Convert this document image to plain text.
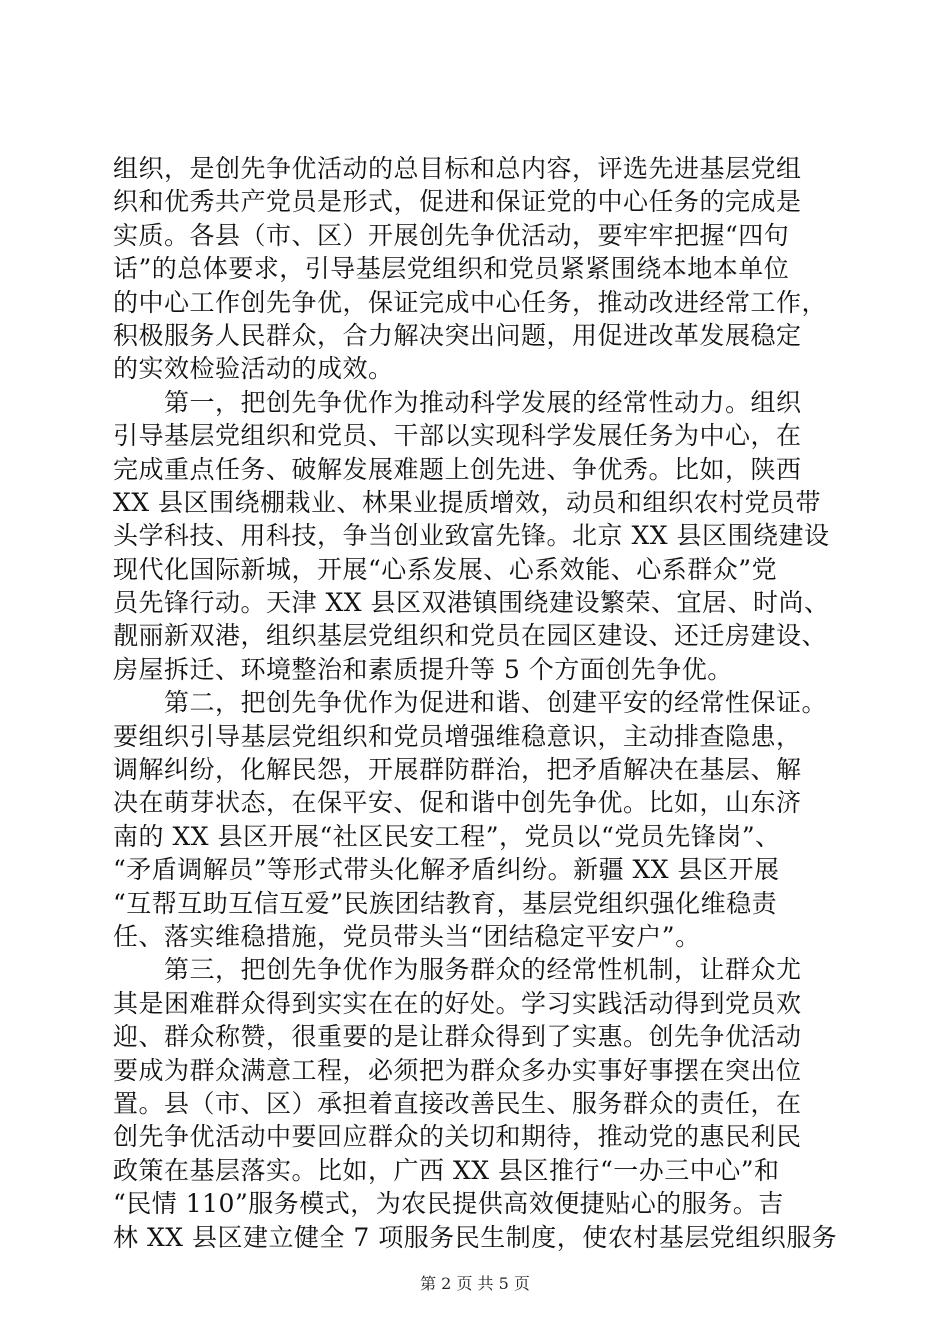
组织，是创先争优活动的总目标和总内容，评选先进基层党组
织和优秀共产党员是形式，促进和保证党的中心任务的完成是
实质。各县（市、区）开展创先争优活动，要牢牢把握“四句
话”的总体要求，引导基层党组织和党员紧紧围绕本地本单位
的中心工作创先争优，保证完成中心任务，推动改进经常工作，
积极服务人民群众，合力解决突出问题，用促进改革发展稳定
的实效检验活动的成效。
　　第一，把创先争优作为推动科学发展的经常性动力。组织
引导基层党组织和党员、干部以实现科学发展任务为中心，在
完成重点任务、破解发展难题上创先进、争优秀。比如，陕西
XX 县区围绕棚栽业、林果业提质增效，动员和组织农村党员带
头学科技、用科技，争当创业致富先锋。北京 XX 县区围绕建设
现代化国际新城，开展“心系发展、心系效能、心系群众”党
员先锋行动。天津 XX 县区双港镇围绕建设繁荣、宜居、时尚、
靓丽新双港，组织基层党组织和党员在园区建设、还迁房建设、
房屋拆迁、环境整治和素质提升等 5 个方面创先争优。
　　第二，把创先争优作为促进和谐、创建平安的经常性保证。
要组织引导基层党组织和党员增强维稳意识，主动排查隐患，
调解纠纷，化解民怨，开展群防群治，把矛盾解决在基层、解
决在萌芽状态，在保平安、促和谐中创先争优。比如，山东济
南的 XX 县区开展“社区民安工程”，党员以“党员先锋岗”、
“矛盾调解员”等形式带头化解矛盾纠纷。新疆 XX 县区开展
“互帮互助互信互爱”民族团结教育，基层党组织强化维稳责
任、落实维稳措施，党员带头当“团结稳定平安户”。
　　第三，把创先争优作为服务群众的经常性机制，让群众尤
其是困难群众得到实实在在的好处。学习实践活动得到党员欢
迎、群众称赞，很重要的是让群众得到了实惠。创先争优活动
要成为群众满意工程，必须把为群众多办实事好事摆在突出位
置。县（市、区）承担着直接改善民生、服务群众的责任，在
创先争优活动中要回应群众的关切和期待，推动党的惠民利民
政策在基层落实。比如，广西 XX 县区推行“一办三中心”和
“民情 110”服务模式，为农民提供高效便捷贴心的服务。吉
林 XX 县区建立健全 7 项服务民生制度，使农村基层党组织服务
第 2 页 共 5 页
